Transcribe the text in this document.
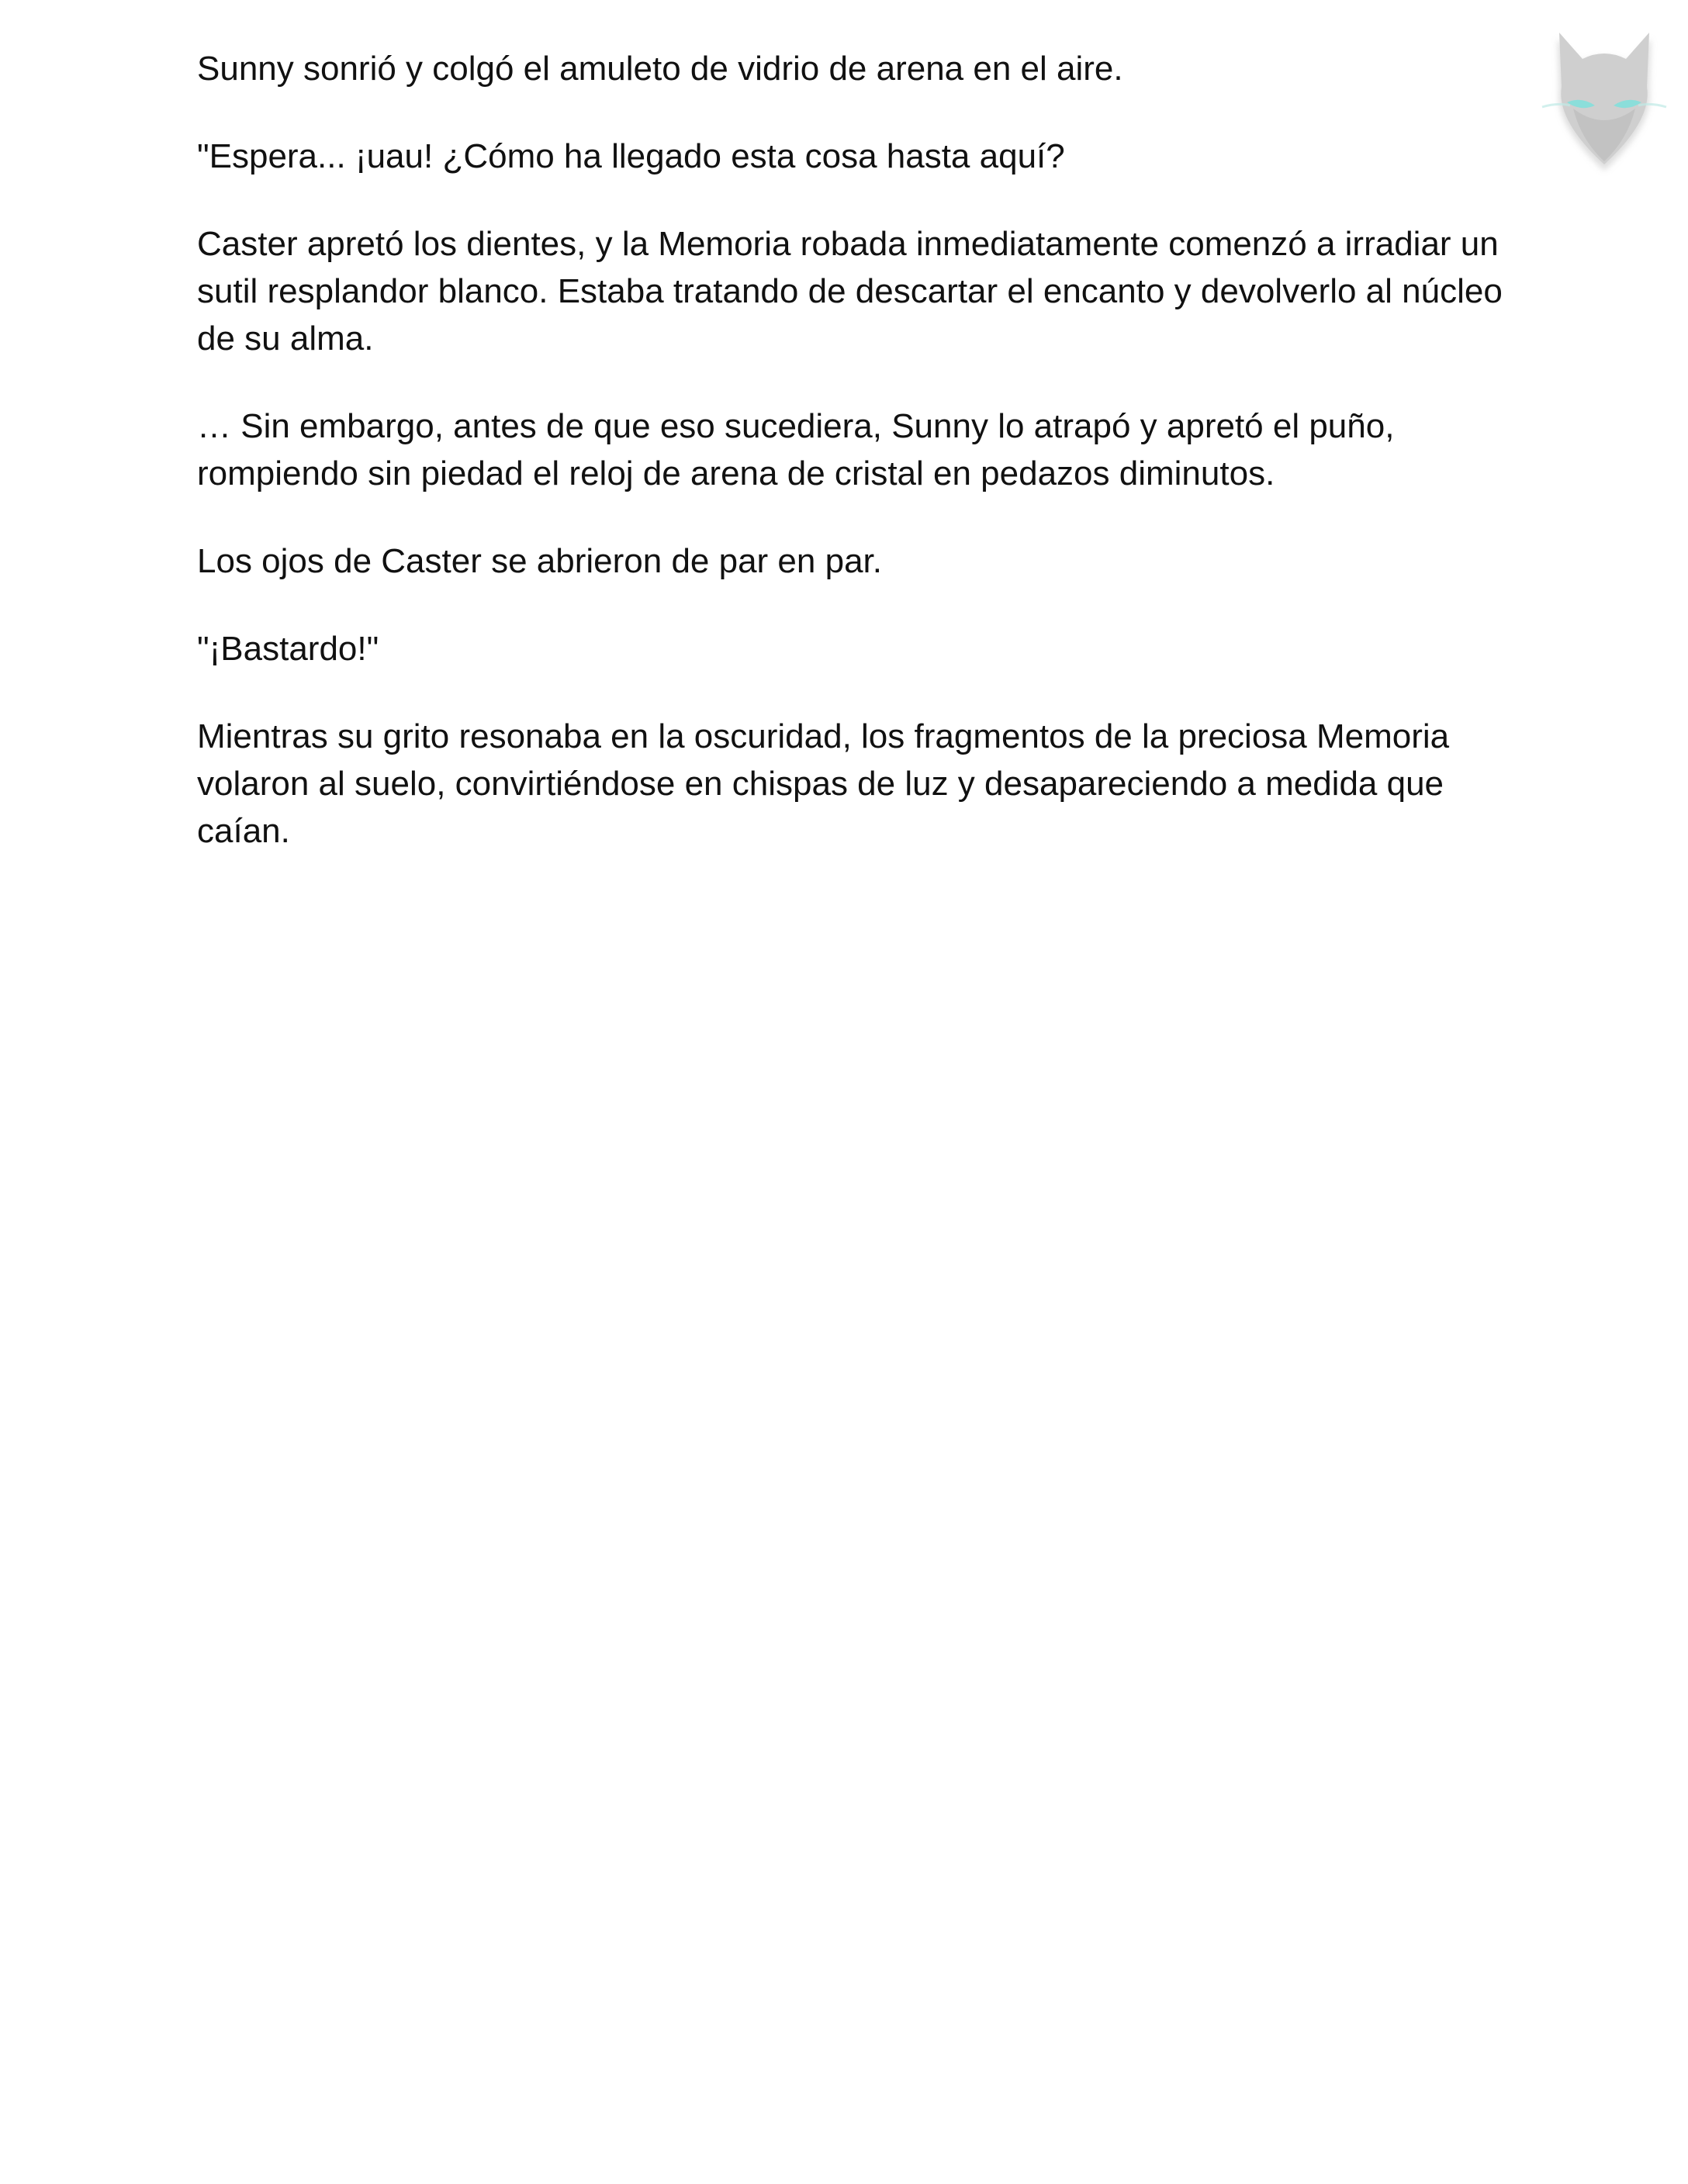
Sunny sonrió y colgó el amuleto de vidrio de arena en el aire.

"Espera... ¡uau! ¿Cómo ha llegado esta cosa hasta aquí?

Caster apretó los dientes, y la Memoria robada inmediatamente comenzó a irradiar un sutil resplandor blanco. Estaba tratando de descartar el encanto y devolverlo al núcleo de su alma.

… Sin embargo, antes de que eso sucediera, Sunny lo atrapó y apretó el puño, rompiendo sin piedad el reloj de arena de cristal en pedazos diminutos.

Los ojos de Caster se abrieron de par en par.

"¡Bastardo!"

Mientras su grito resonaba en la oscuridad, los fragmentos de la preciosa Memoria volaron al suelo, convirtiéndose en chispas de luz y desapareciendo a medida que caían.
